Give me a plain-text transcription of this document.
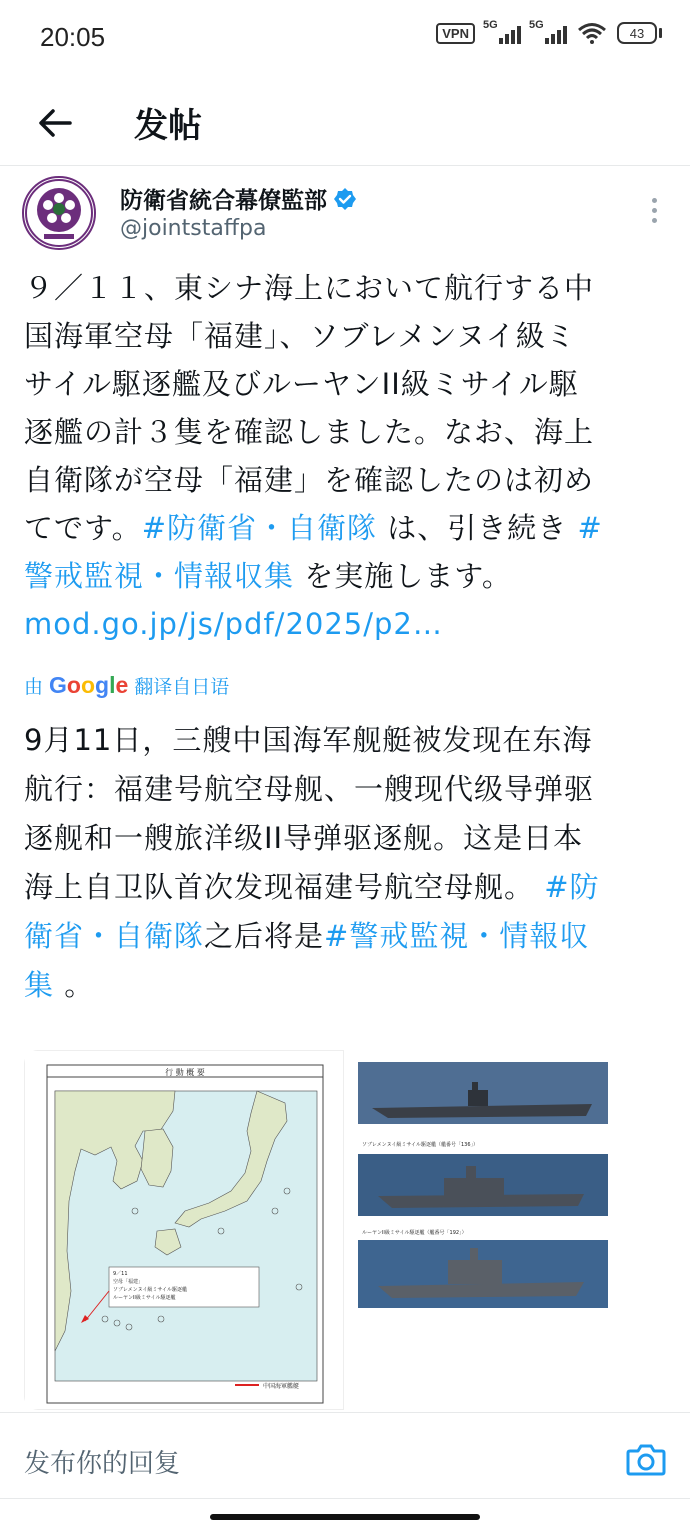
20:05	VPN
5G	5G
43
发帖
防衛省統合幕僚監部
@jointstaffpa
９／１１、東シナ海上において航行する中
国海軍空母「福建」、ソブレメンヌイ級ミ
サイル駆逐艦及びルーヤンII級ミサイル駆
逐艦の計３隻を確認しました。なお、海上
自衛隊が空母「福建」を確認したのは初め
てです。#防衛省・自衛隊 は、引き続き #
警戒監視・情報収集 を実施します。
mod.go.jp/js/pdf/2025/p2…
由 Google 翻译自日语
9月11日，三艘中国海军舰艇被发现在东海
航行：福建号航空母舰、一艘现代级导弹驱
逐舰和一艘旅洋级II导弹驱逐舰。这是日本
海上自卫队首次发现福建号航空母舰。 #防
衛省・自衛隊之后将是#警戒監視・情報収
集 。
行 動 概 要
9／11
空母「福建」
ソブレメンヌイ級ミサイル駆逐艦
ルーヤンII級ミサイル駆逐艦
中国海軍艦艇
ソブレメンヌイ級ミサイル駆逐艦（艦番号「136」）
ルーヤンII級ミサイル駆逐艦（艦番号「192」）
发布你的回复
